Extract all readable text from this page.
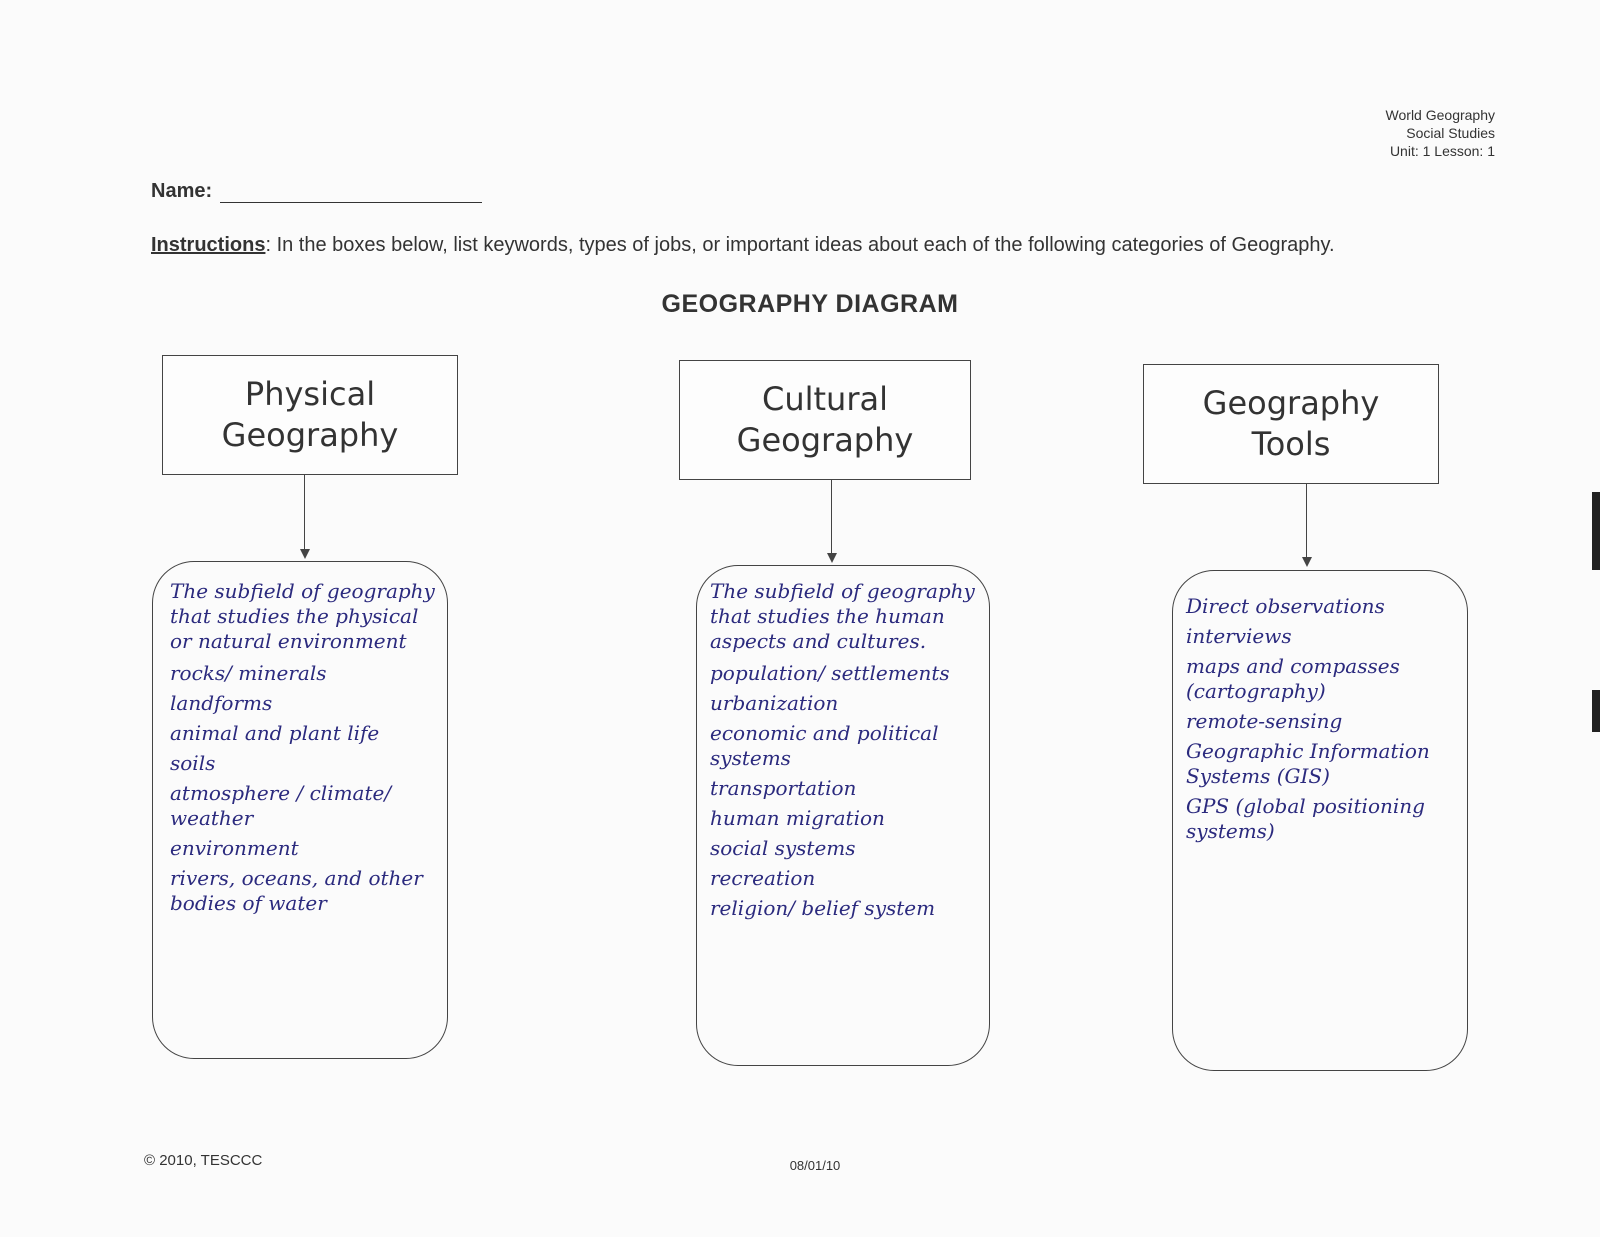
World Geography
Social Studies
Unit: 1 Lesson: 1
Name:
Instructions: In the boxes below, list keywords, types of jobs, or important ideas about each of the following categories of Geography.
GEOGRAPHY DIAGRAM
Physical
Geography
The subfield of geography that studies the physical or natural environment
rocks/ minerals
landforms
animal and plant life
soils
atmosphere / climate/ weather
environment
rivers, oceans, and other bodies of water
Cultural
Geography
The subfield of geography that studies the human aspects and cultures.
population/ settlements
urbanization
economic and political systems
transportation
human migration
social systems
recreation
religion/ belief system
Geography
Tools
Direct observations
interviews
maps and compasses (cartography)
remote-sensing
Geographic Information Systems (GIS)
GPS (global positioning systems)
© 2010, TESCCC	08/01/10
